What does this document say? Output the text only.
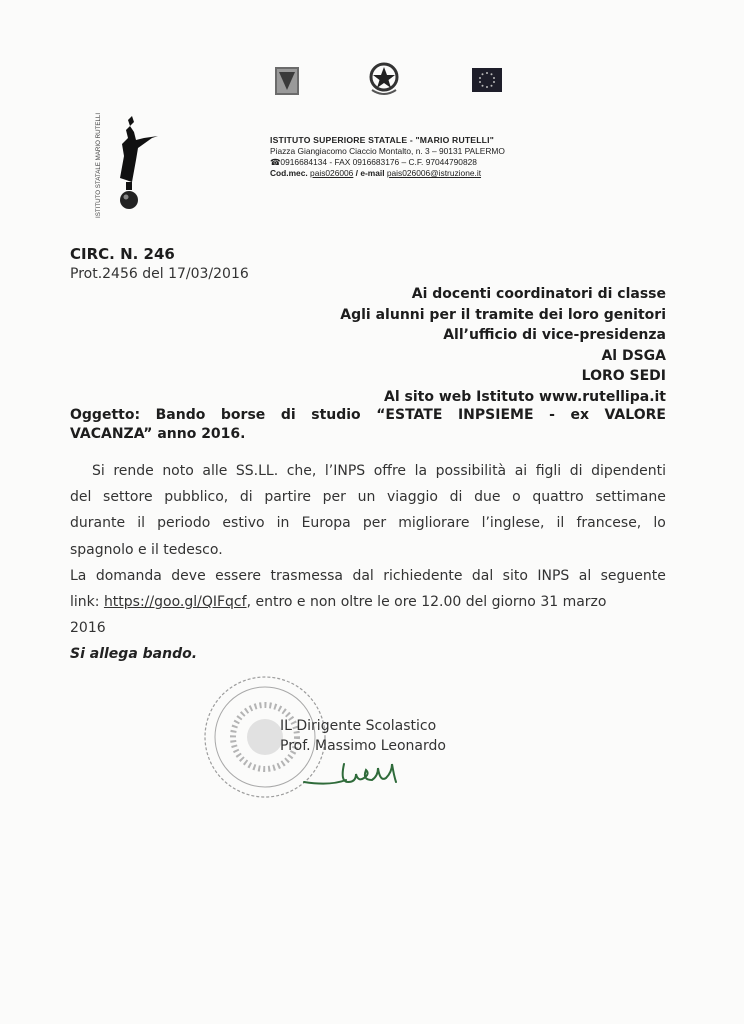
ISTITUTO STATALE MARIO RUTELLI	ISTITUTO SUPERIORE STATALE - "MARIO RUTELLI"
Piazza Giangiacomo Ciaccio Montalto, n. 3 – 90131 PALERMO
☎0916684134 - FAX 0916683176 – C.F. 97044790828
Cod.mec. pais026006 / e-mail pais026006@istruzione.it
CIRC. N. 246
Prot.2456 del 17/03/2016
Ai docenti coordinatori di classe
Agli alunni per il tramite dei loro genitori
All’ufficio di vice-presidenza
Al DSGA
LORO SEDI
Al sito web Istituto www.rutellipa.it
Oggetto: Bando borse di studio “ESTATE INPSIEME - ex VALORE
VACANZA” anno 2016.
Si rende noto alle SS.LL. che, l’INPS offre la possibilità ai figli di dipendenti
del settore pubblico, di partire per un viaggio di due o quattro settimane
durante il periodo estivo in Europa per migliorare l’inglese, il francese, lo
spagnolo e il tedesco.
La domanda deve essere trasmessa dal richiedente dal sito INPS al seguente
link: https://goo.gl/QIFqcf, entro e non oltre le ore 12.00 del giorno 31 marzo
2016
Si allega bando.
IL Dirigente Scolastico
Prof. Massimo Leonardo
